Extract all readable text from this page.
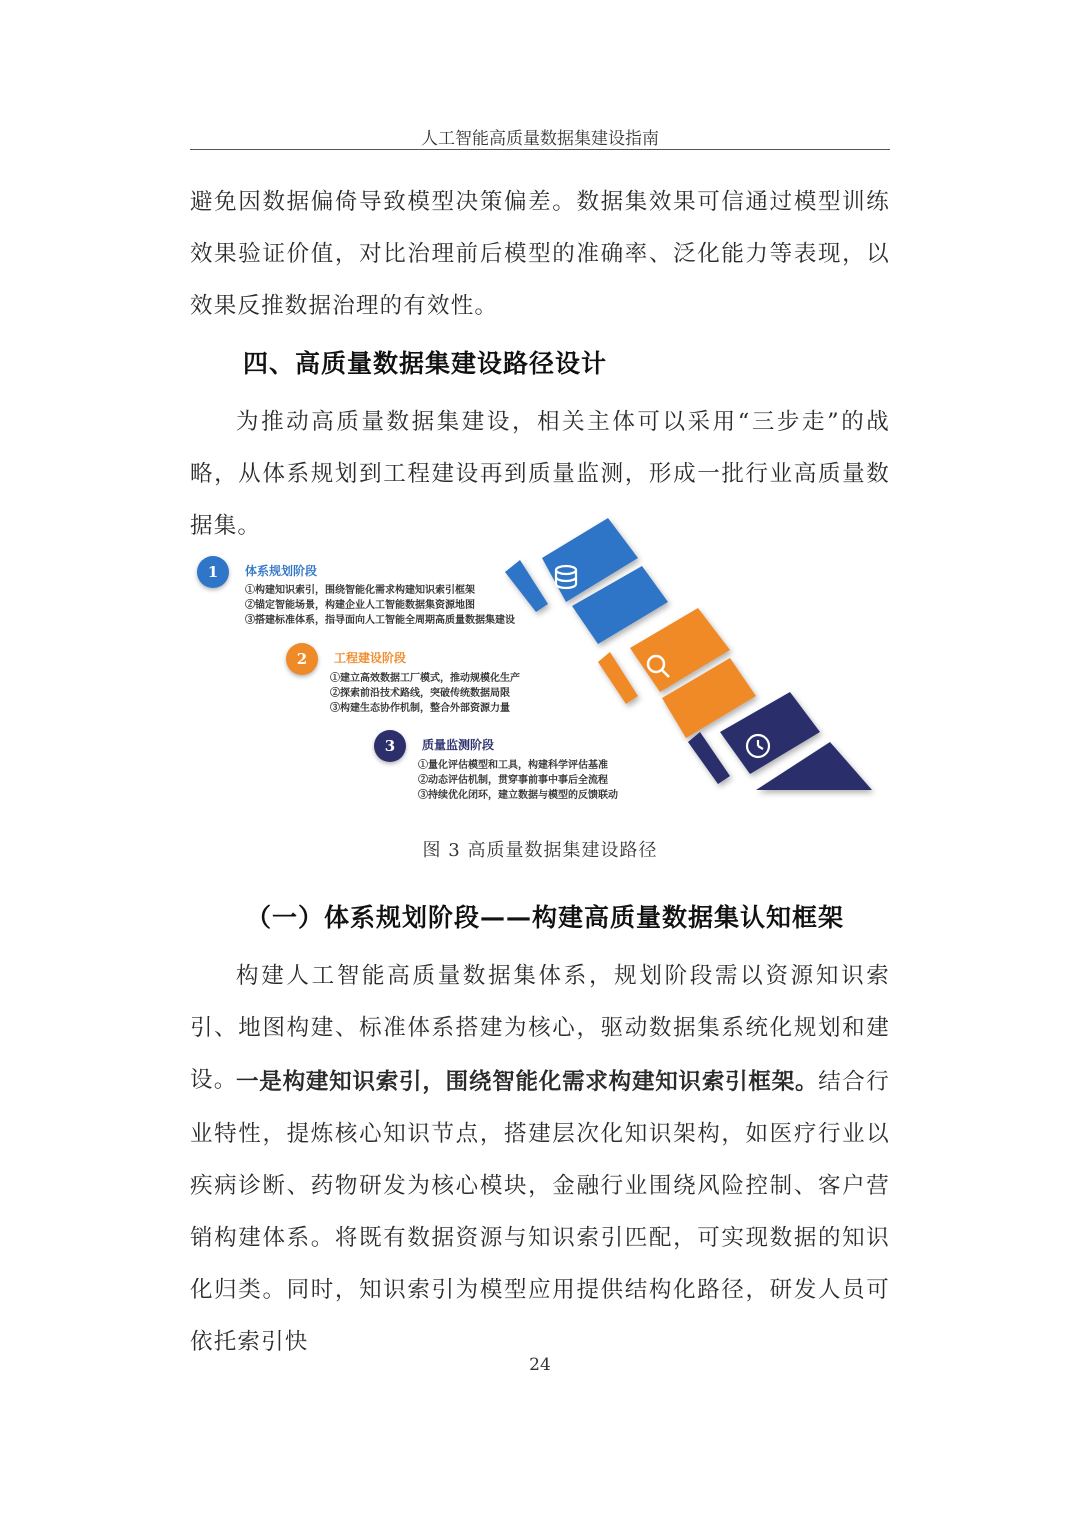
人工智能高质量数据集建设指南

避免因数据偏倚导致模型决策偏差。数据集效果可信通过模型训练效果验证价值，对比治理前后模型的准确率、泛化能力等表现，以效果反推数据治理的有效性。

四、高质量数据集建设路径设计

为推动高质量数据集建设，相关主体可以采用“三步走”的战略，从体系规划到工程建设再到质量监测，形成一批行业高质量数据集。

1	体系规划阶段
①构建知识索引，围绕智能化需求构建知识索引框架
②锚定智能场景，构建企业人工智能数据集资源地图
③搭建标准体系，指导面向人工智能全周期高质量数据集建设
2	工程建设阶段
①建立高效数据工厂模式，推动规模化生产
②探索前沿技术路线，突破传统数据局限
③构建生态协作机制，整合外部资源力量
3	质量监测阶段
①量化评估模型和工具，构建科学评估基准
②动态评估机制，贯穿事前事中事后全流程
③持续优化闭环，建立数据与模型的反馈联动
图 3 高质量数据集建设路径
（一）体系规划阶段——构建高质量数据集认知框架

构建人工智能高质量数据集体系，规划阶段需以资源知识索引、地图构建、标准体系搭建为核心，驱动数据集系统化规划和建设。

一是构建知识索引，围绕智能化需求构建知识索引框架。结合行业特性，提炼核心知识节点，搭建层次化知识架构，如医疗行业以疾病诊断、药物研发为核心模块，金融行业围绕风险控制、客户营销构建体系。将既有数据资源与知识索引匹配，可实现数据的知识化归类。同时，知识索引为模型应用提供结构化路径，研发人员可依托索引快

24
